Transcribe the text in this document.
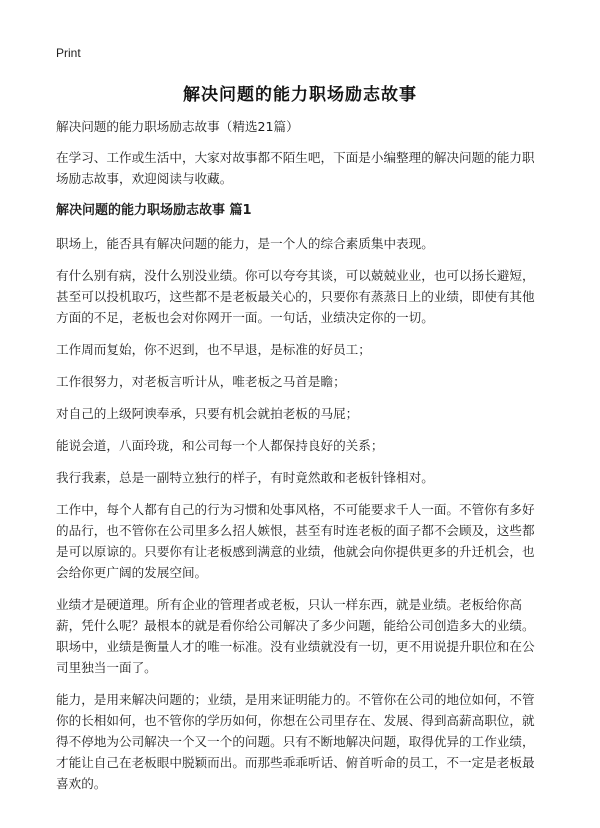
Print
解决问题的能力职场励志故事

解决问题的能力职场励志故事（精选21篇）

在学习、工作或生活中，大家对故事都不陌生吧，下面是小编整理的解决问题的能力职场励志故事，欢迎阅读与收藏。

解决问题的能力职场励志故事 篇1

职场上，能否具有解决问题的能力，是一个人的综合素质集中表现。

有什么别有病，没什么别没业绩。你可以夸夸其谈，可以兢兢业业，也可以扬长避短，甚至可以投机取巧，这些都不是老板最关心的，只要你有蒸蒸日上的业绩，即使有其他方面的不足，老板也会对你网开一面。一句话，业绩决定你的一切。

工作周而复始，你不迟到，也不早退，是标准的好员工；

工作很努力，对老板言听计从，唯老板之马首是瞻；

对自己的上级阿谀奉承，只要有机会就拍老板的马屁；

能说会道，八面玲珑，和公司每一个人都保持良好的关系；

我行我素，总是一副特立独行的样子，有时竟然敢和老板针锋相对。

工作中，每个人都有自己的行为习惯和处事风格，不可能要求千人一面。不管你有多好的品行，也不管你在公司里多么招人嫉恨，甚至有时连老板的面子都不会顾及，这些都是可以原谅的。只要你有让老板感到满意的业绩，他就会向你提供更多的升迁机会，也会给你更广阔的发展空间。

业绩才是硬道理。所有企业的管理者或老板，只认一样东西，就是业绩。老板给你高薪，凭什么呢？最根本的就是看你给公司解决了多少问题，能给公司创造多大的业绩。职场中，业绩是衡量人才的唯一标准。没有业绩就没有一切，更不用说提升职位和在公司里独当一面了。

能力，是用来解决问题的；业绩，是用来证明能力的。不管你在公司的地位如何，不管你的长相如何，也不管你的学历如何，你想在公司里存在、发展、得到高薪高职位，就得不停地为公司解决一个又一个的问题。只有不断地解决问题，取得优异的工作业绩，才能让自己在老板眼中脱颖而出。而那些乖乖听话、俯首听命的员工，不一定是老板最喜欢的。
